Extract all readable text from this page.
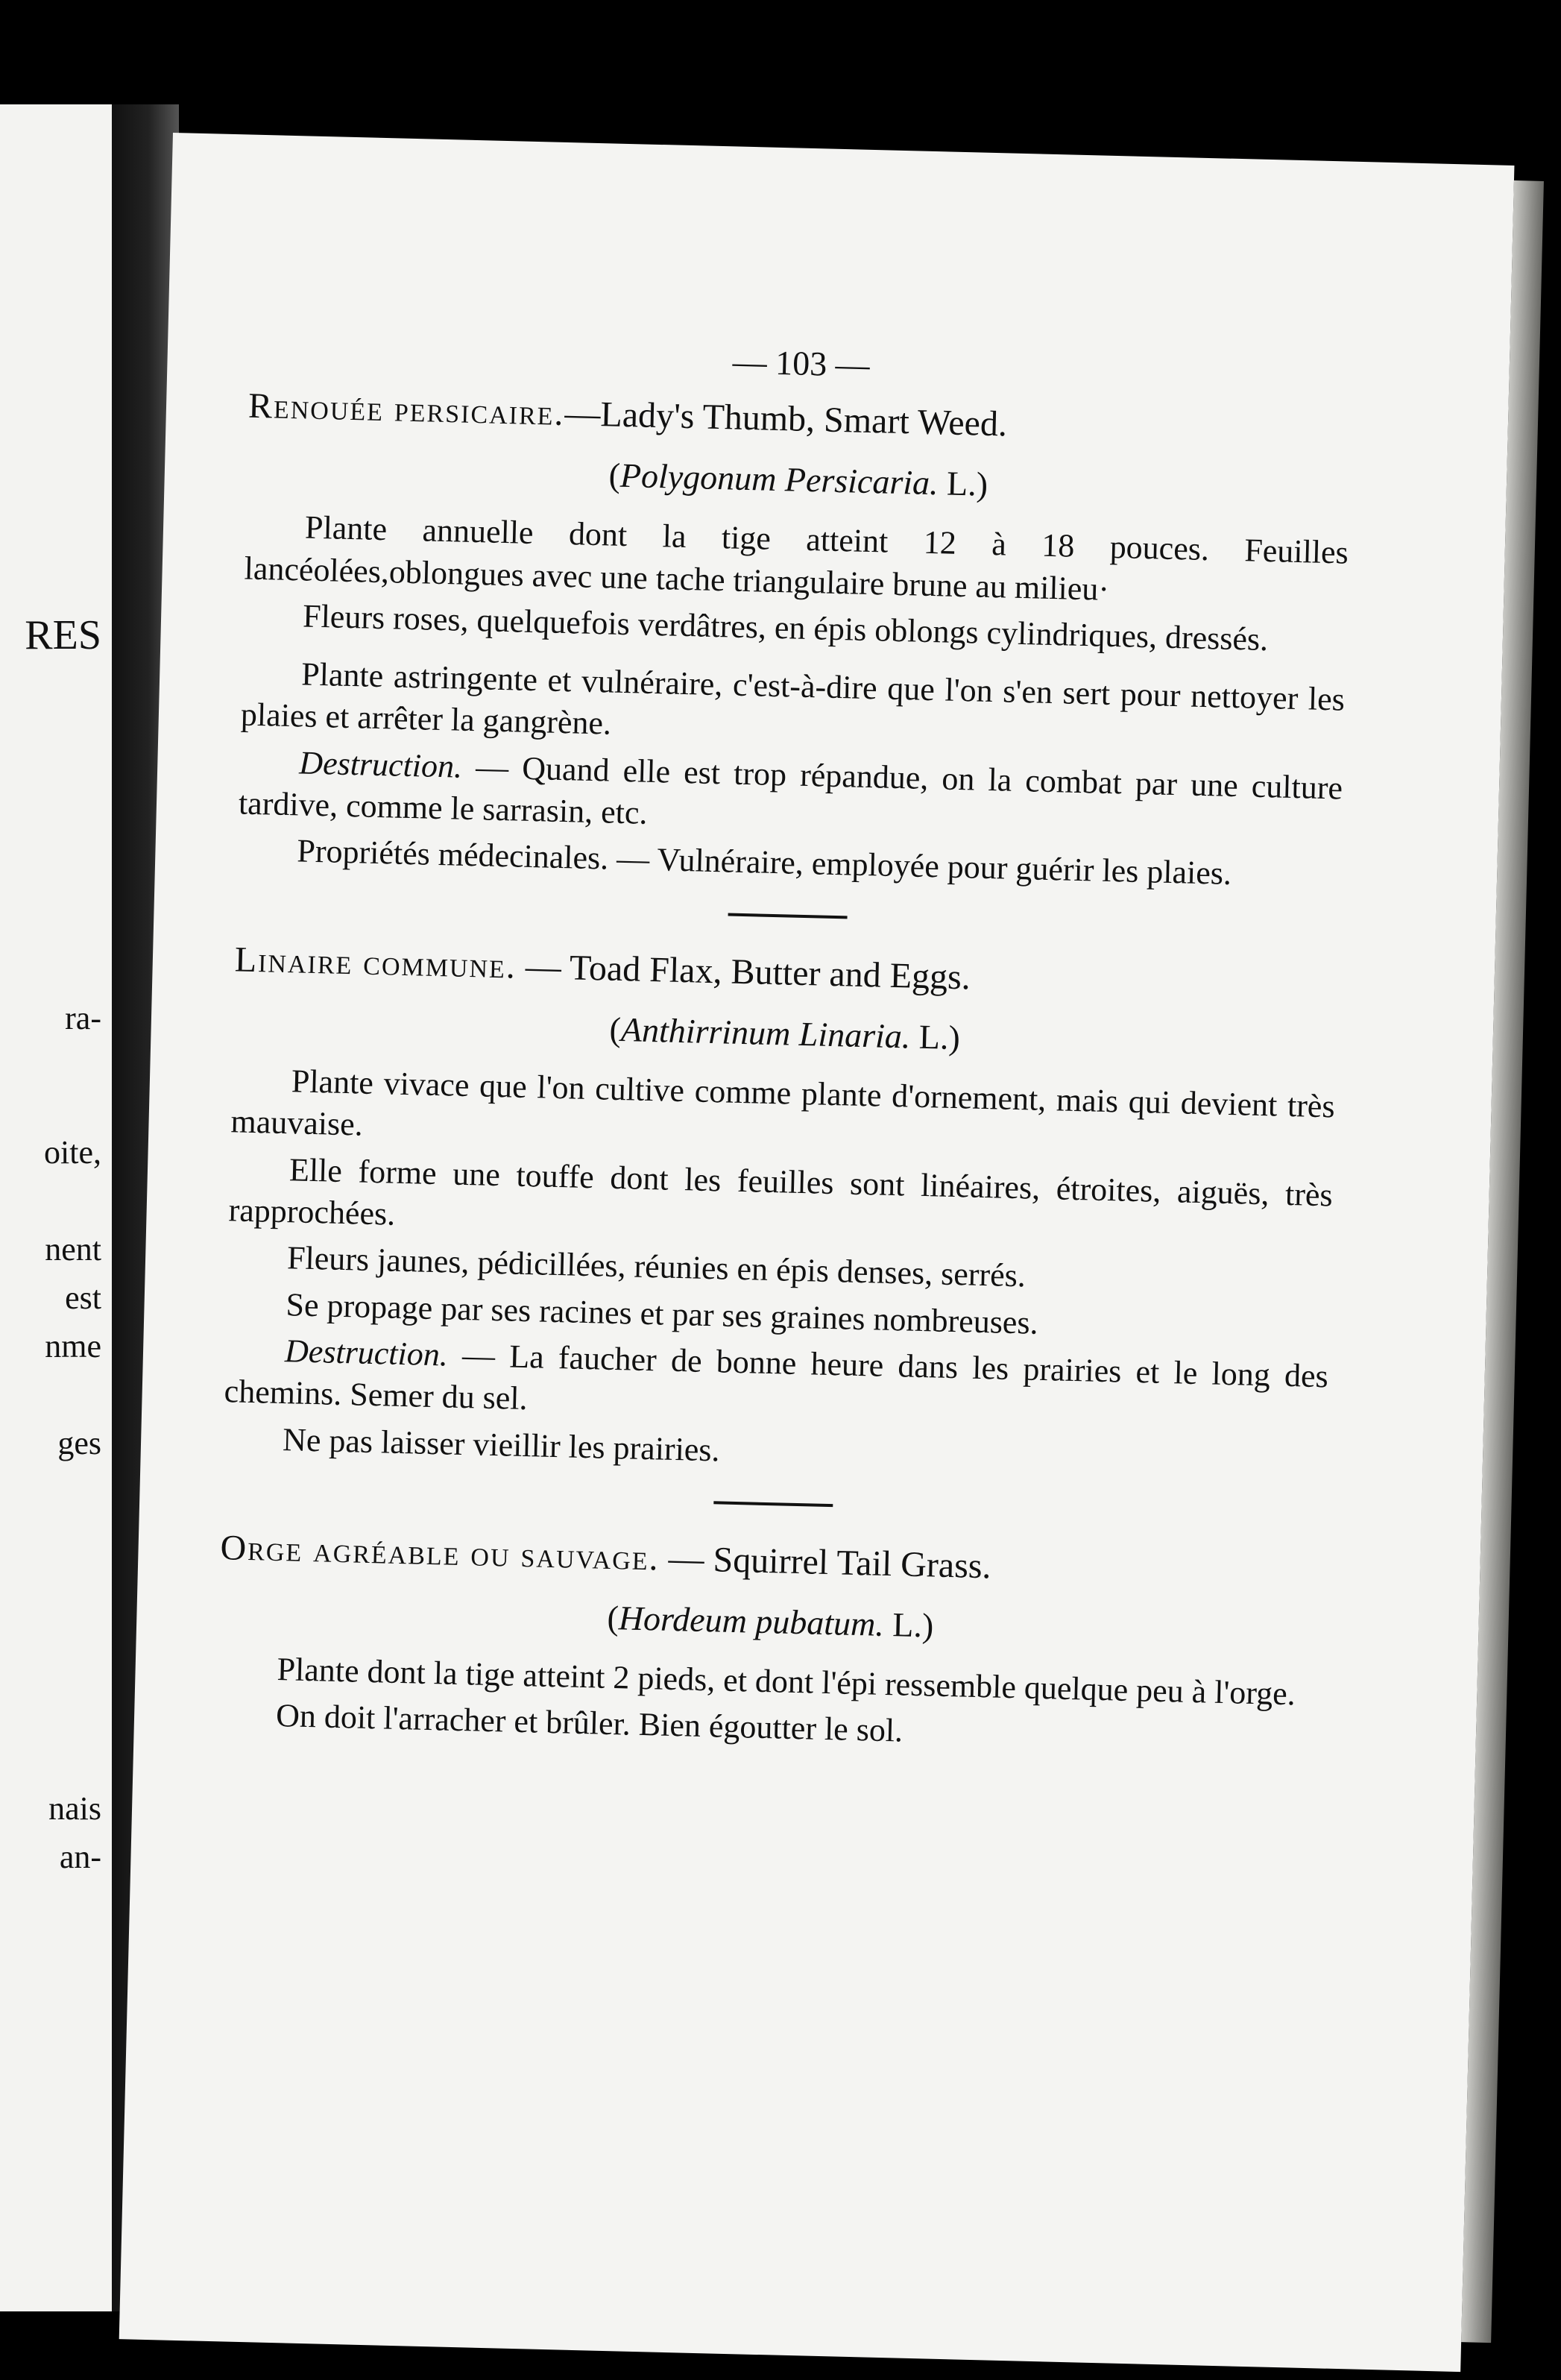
RES
ra-
oite,
nent
est
nme
ges
nais
an-
— 103 —
Renouée persicaire.—Lady's Thumb, Smart Weed.

(Polygonum Persicaria. L.)

Plante annuelle dont la tige atteint 12 à 18 pouces. Feuilles lancéolées,oblongues avec une tache triangulaire brune au milieu·

Fleurs roses, quelquefois verdâtres, en épis oblongs cylindriques, dressés.

Plante astringente et vulnéraire, c'est-à-dire que l'on s'en sert pour nettoyer les plaies et arrêter la gangrène.

Destruction. — Quand elle est trop répandue, on la combat par une culture tardive, comme le sarrasin, etc.

Propriétés médecinales. — Vulnéraire, employée pour guérir les plaies.

Linaire commune. — Toad Flax, Butter and Eggs.

(Anthirrinum Linaria. L.)

Plante vivace que l'on cultive comme plante d'ornement, mais qui devient très mauvaise.

Elle forme une touffe dont les feuilles sont linéaires, étroites, aiguës, très rapprochées.

Fleurs jaunes, pédicillées, réunies en épis denses, serrés.

Se propage par ses racines et par ses graines nombreuses.

Destruction. — La faucher de bonne heure dans les prairies et le long des chemins. Semer du sel.

Ne pas laisser vieillir les prairies.

Orge agréable ou sauvage. — Squirrel Tail Grass.

(Hordeum pubatum. L.)

Plante dont la tige atteint 2 pieds, et dont l'épi ressemble quelque peu à l'orge.

On doit l'arracher et brûler. Bien égoutter le sol.
